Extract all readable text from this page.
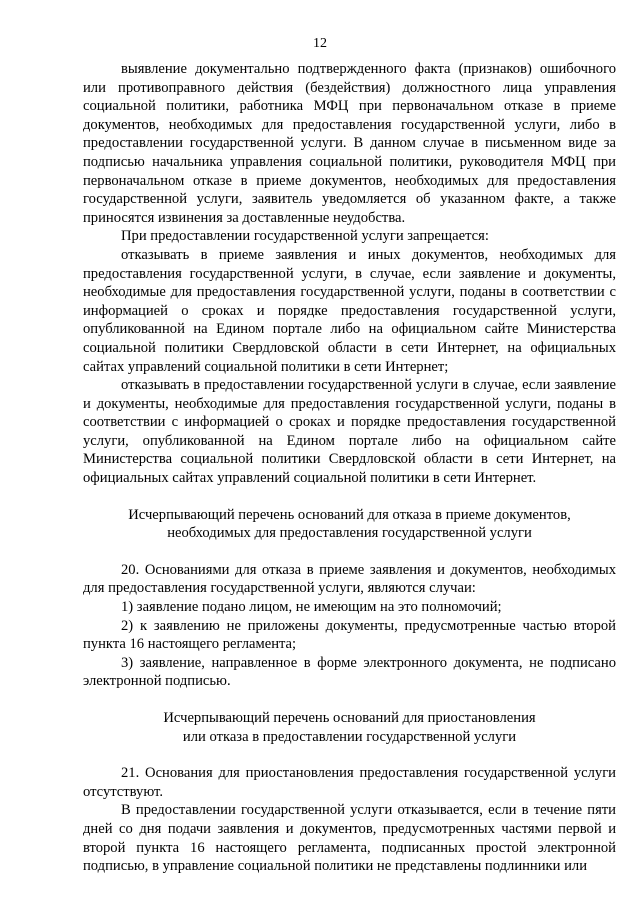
12

выявление документально подтвержденного факта (признаков) ошибочного или противоправного действия (бездействия) должностного лица управления социальной политики, работника МФЦ при первоначальном отказе в приеме документов, необходимых для предоставления государственной услуги, либо в предоставлении государственной услуги. В данном случае в письменном виде за подписью начальника управления социальной политики, руководителя МФЦ при первоначальном отказе в приеме документов, необходимых для предоставления государственной услуги, заявитель уведомляется об указанном факте, а также приносятся извинения за доставленные неудобства.

При предоставлении государственной услуги запрещается:

отказывать в приеме заявления и иных документов, необходимых для предоставления государственной услуги, в случае, если заявление и документы, необходимые для предоставления государственной услуги, поданы в соответствии с информацией о сроках и порядке предоставления государственной услуги, опубликованной на Едином портале либо на официальном сайте Министерства социальной политики Свердловской области в сети Интернет, на официальных сайтах управлений социальной политики в сети Интернет;

отказывать в предоставлении государственной услуги в случае, если заявление и документы, необходимые для предоставления государственной услуги, поданы в соответствии с информацией о сроках и порядке предоставления государственной услуги, опубликованной на Едином портале либо на официальном сайте Министерства социальной политики Свердловской области в сети Интернет, на официальных сайтах управлений социальной политики в сети Интернет.

Исчерпывающий перечень оснований для отказа в приеме документов,

необходимых для предоставления государственной услуги

20. Основаниями для отказа в приеме заявления и документов, необходимых для предоставления государственной услуги, являются случаи:

1) заявление подано лицом, не имеющим на это полномочий;

2) к заявлению не приложены документы, предусмотренные частью второй пункта 16 настоящего регламента;

3) заявление, направленное в форме электронного документа, не подписано электронной подписью.

Исчерпывающий перечень оснований для приостановления

или отказа в предоставлении государственной услуги

21. Основания для приостановления предоставления государственной услуги отсутствуют.

В предоставлении государственной услуги отказывается, если в течение пяти дней со дня подачи заявления и документов, предусмотренных частями первой и второй пункта 16 настоящего регламента, подписанных простой электронной подписью, в управление социальной политики не представлены подлинники или
